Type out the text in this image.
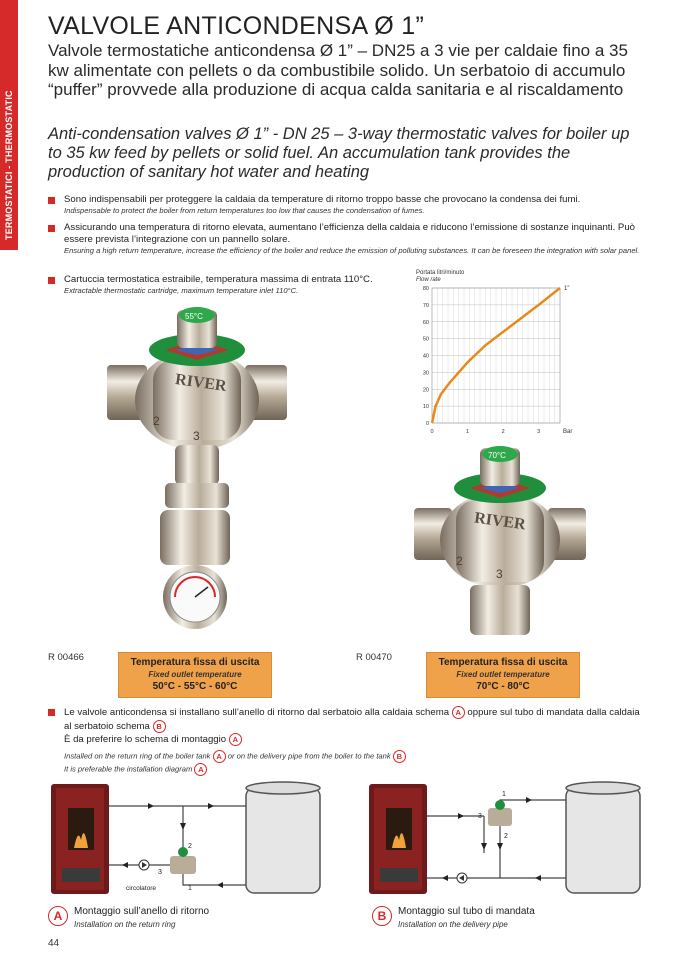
TERMOSTATICI - THERMOSTATIC
VALVOLE ANTICONDENSA Ø 1”
Valvole termostatiche anticondensa Ø 1” – DN25 a 3 vie per caldaie fino a 35 kw alimentate con pellets o da combustibile solido. Un serbatoio di accumulo “puffer” provvede alla produzione di acqua calda sanitaria e al riscaldamento
Anti-condensation valves Ø 1” - DN 25 – 3-way thermostatic valves for boiler up to 35 kw feed by pellets or solid fuel. An accumulation tank provides the production of sanitary hot water and heating
Sono indispensabili per proteggere la caldaia da temperature di ritorno troppo basse che provocano la condensa dei fumi.
Indispensable to protect the boiler from return temperatures too low that causes the condensation of fumes.
Assicurando una temperatura di ritorno elevata, aumentano l’efficienza della caldaia e riducono l’emissione di sostanze inquinanti. Può essere prevista l’integrazione con un pannello solare.
Ensuring a high return temperature, increase the efficiency of the boiler and reduce the emission of polluting substances. It can be foreseen the integration with solar panel.
Cartuccia termostatica estraibile, temperatura massima di entrata 110°C.
Extractable thermostatic cartridge, maximum temperature inlet 110°C.
Portata litri/minuto
Flow rate
0
10
20
30
40
50
60
70
80
0	1	2	3
1”
Bar
RIVER
2
3
55°C
RIVER
2
3
70°C
R 00466	Temperatura fissa di uscita
Fixed outlet temperature
50°C - 55°C - 60°C
R 00470	Temperatura fissa di uscita
Fixed outlet temperature
70°C - 80°C
Le valvole anticondensa si installano sull’anello di ritorno dal serbatoio alla caldaia schema A oppure sul tubo di mandata dalla caldaia al serbatoio schema B
È da preferire lo schema di montaggio A
Installed on the return ring of the boiler tank A or on the delivery pipe from the boiler to the tank B
It is preferable the installation diagram A
2
3
1
circolatore
1
3
2
A	Montaggio sull’anello di ritorno
Installation on the return ring
B	Montaggio sul tubo di mandata
Installation on the delivery pipe
44
